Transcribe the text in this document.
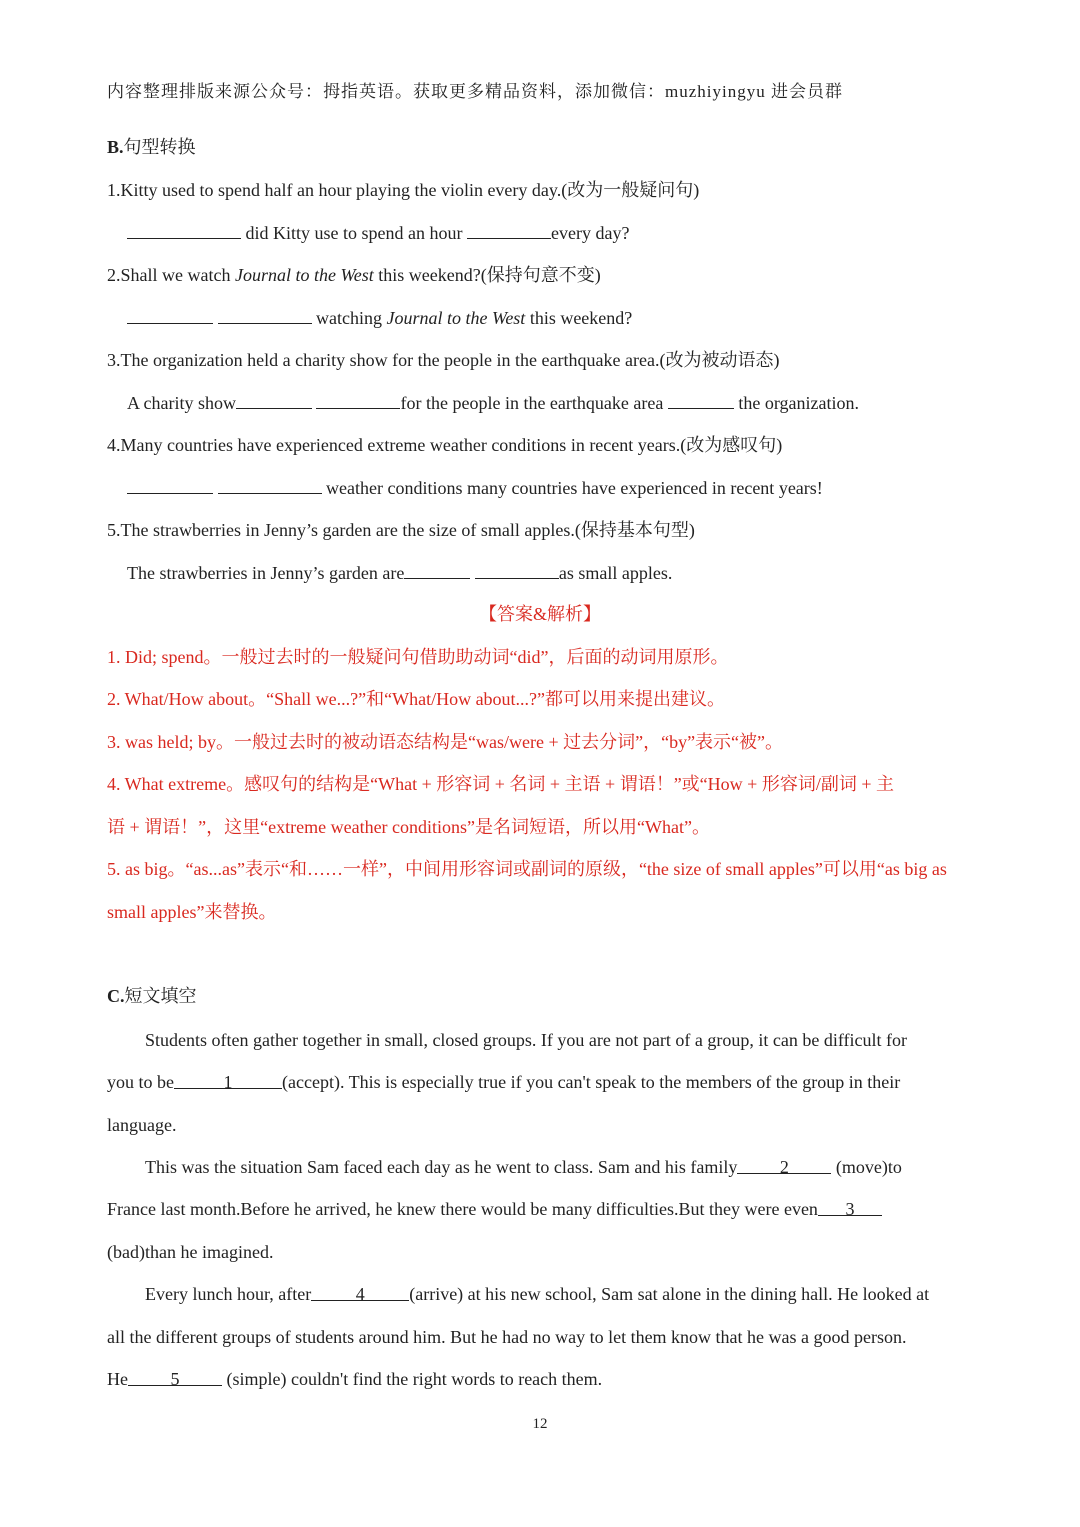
内容整理排版来源公众号：拇指英语。获取更多精品资料，添加微信：muzhiyingyu 进会员群
B.句型转换
1.Kitty used to spend half an hour playing the violin every day.(改为一般疑问句)
did Kitty use to spend an hour	every day?
2.Shall we watch Journal to the West this weekend?(保持句意不变)
watching Journal to the West this weekend?
3.The organization held a charity show for the people in the earthquake area.(改为被动语态)
A charity show	for the people in the earthquake area	the organization.
4.Many countries have experienced extreme weather conditions in recent years.(改为感叹句)
weather conditions many countries have experienced in recent years!
5.The strawberries in Jenny’s garden are the size of small apples.(保持基本句型)
The strawberries in Jenny’s garden are	as small apples.
【答案&解析】
1. Did; spend。一般过去时的一般疑问句借助助动词“did”，后面的动词用原形。
2. What/How about。“Shall we...?”和“What/How about...?”都可以用来提出建议。
3. was held; by。一般过去时的被动语态结构是“was/were + 过去分词”，“by”表示“被”。
4. What extreme。感叹句的结构是“What + 形容词 + 名词 + 主语 + 谓语！”或“How + 形容词/副词 + 主
语 + 谓语！”，这里“extreme weather conditions”是名词短语，所以用“What”。
5. as big。“as...as”表示“和……一样”，中间用形容词或副词的原级，“the size of small apples”可以用“as big as
small apples”来替换。
C.短文填空
Students often gather together in small, closed groups. If you are not part of a group, it can be difficult for
you to be	1	(accept). This is especially true if you can't speak to the members of the group in their
language.
This was the situation Sam faced each day as he went to class. Sam and his family 2	(move)to
France last month.Before he arrived, he knew there would be many difficulties.But they were even 3
(bad)than he imagined.
Every lunch hour, after 4 (arrive) at his new school, Sam sat alone in the dining hall. He looked at
all the different groups of students around him. But he had no way to let them know that he was a good person.
He 5	(simple) couldn't find the right words to reach them.
12
